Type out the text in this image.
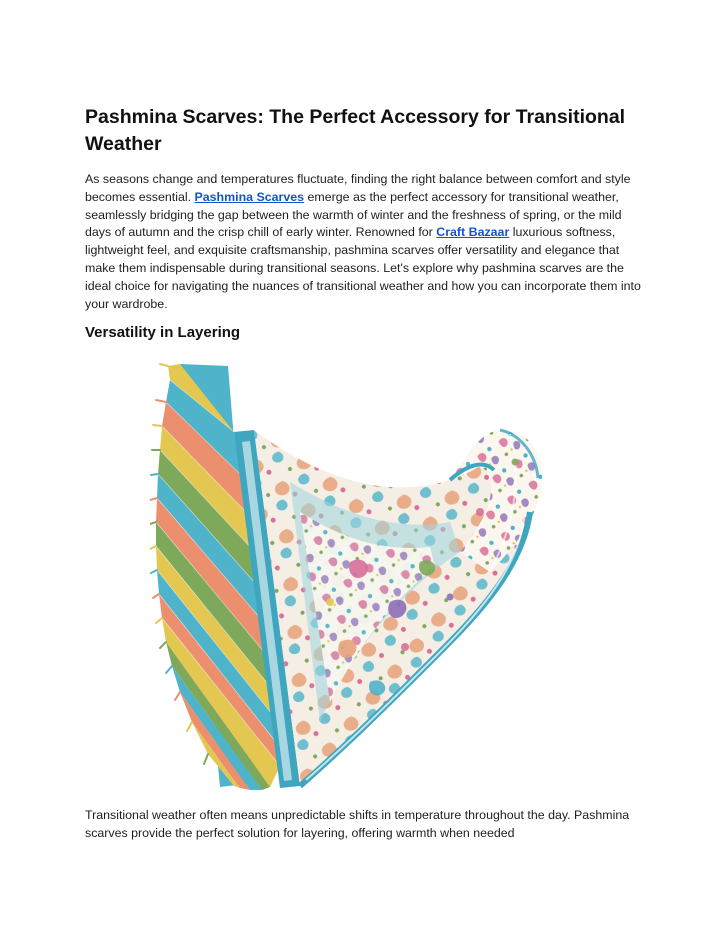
Pashmina Scarves: The Perfect Accessory for Transitional Weather

As seasons change and temperatures fluctuate, finding the right balance between comfort and style becomes essential. Pashmina Scarves emerge as the perfect accessory for transitional weather, seamlessly bridging the gap between the warmth of winter and the freshness of spring, or the mild days of autumn and the crisp chill of early winter. Renowned for Craft Bazaar luxurious softness, lightweight feel, and exquisite craftsmanship, pashmina scarves offer versatility and elegance that make them indispensable during transitional seasons. Let's explore why pashmina scarves are the ideal choice for navigating the nuances of transitional weather and how you can incorporate them into your wardrobe.

Versatility in Layering

Transitional weather often means unpredictable shifts in temperature throughout the day. Pashmina scarves provide the perfect solution for layering, offering warmth when needed
